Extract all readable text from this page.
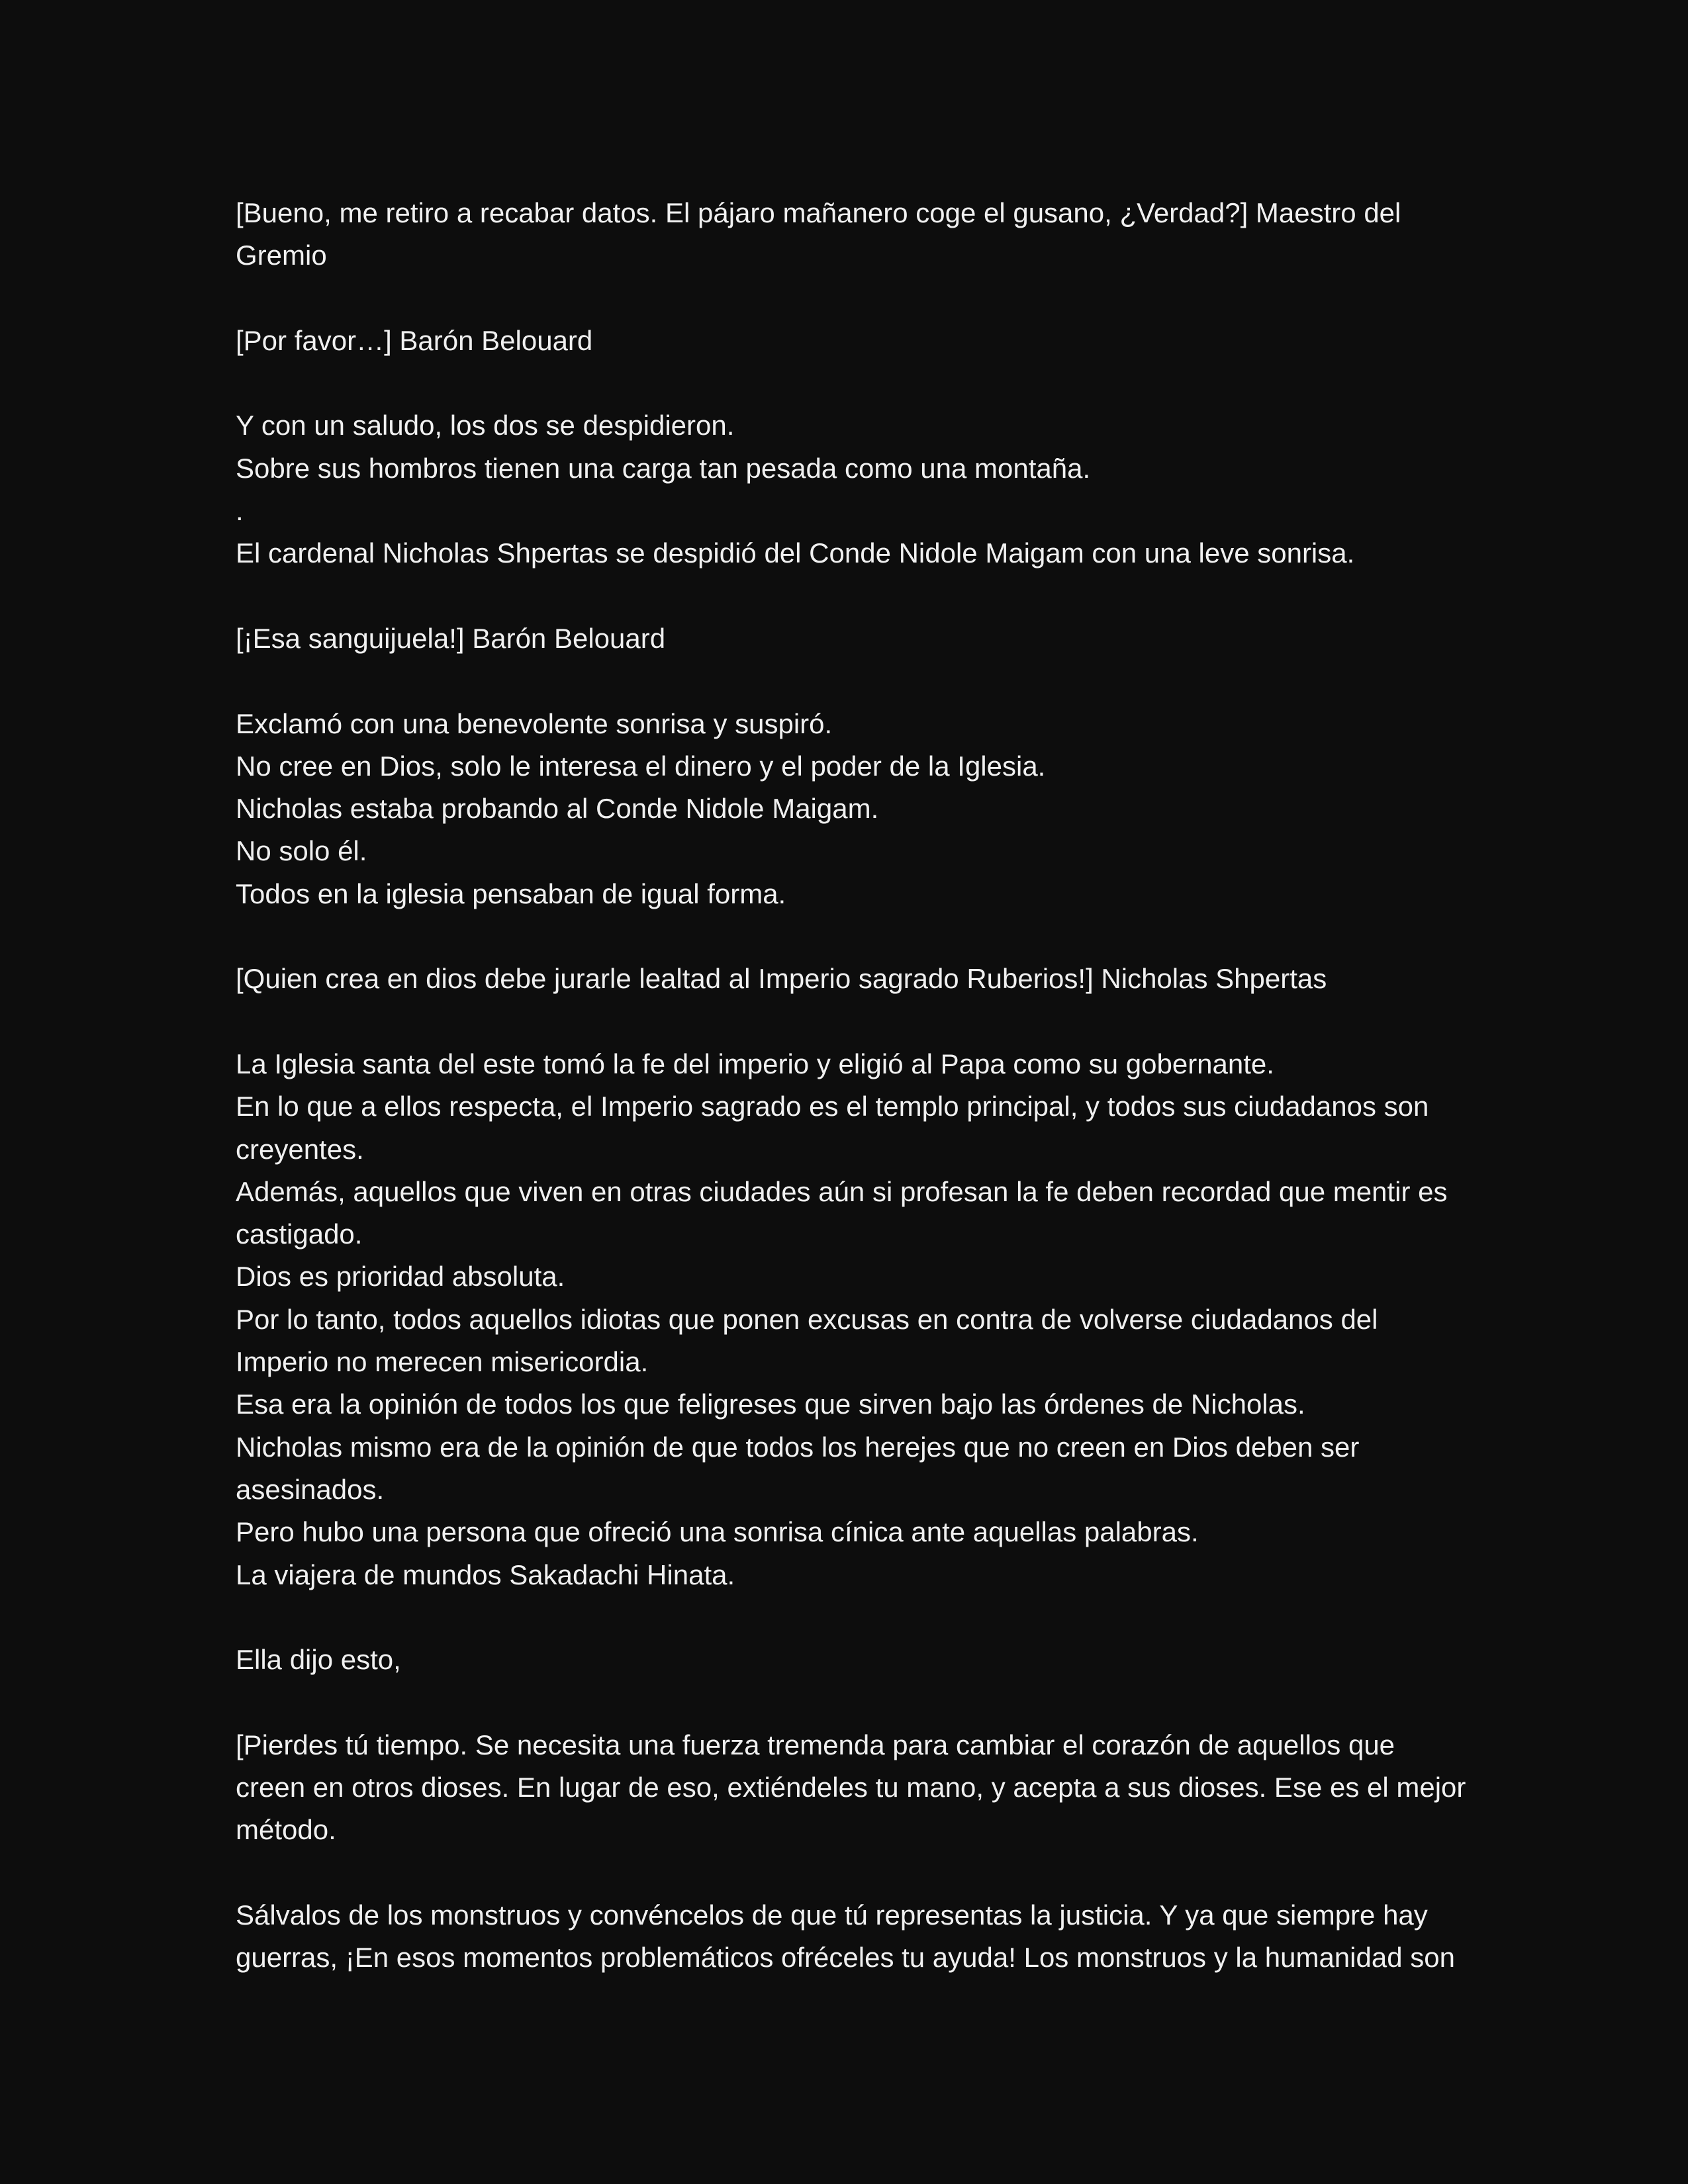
[Bueno, me retiro a recabar datos. El pájaro mañanero coge el gusano, ¿Verdad?] Maestro del
Gremio
[Por favor…] Barón Belouard
Y con un saludo, los dos se despidieron.
Sobre sus hombros tienen una carga tan pesada como una montaña.
.
El cardenal Nicholas Shpertas se despidió del Conde Nidole Maigam con una leve sonrisa.
[¡Esa sanguijuela!] Barón Belouard
Exclamó con una benevolente sonrisa y suspiró.
No cree en Dios, solo le interesa el dinero y el poder de la Iglesia.
Nicholas estaba probando al Conde Nidole Maigam.
No solo él.
Todos en la iglesia pensaban de igual forma.
[Quien crea en dios debe jurarle lealtad al Imperio sagrado Ruberios!] Nicholas Shpertas
La Iglesia santa del este tomó la fe del imperio y eligió al Papa como su gobernante.
En lo que a ellos respecta, el Imperio sagrado es el templo principal, y todos sus ciudadanos son
creyentes.
Además, aquellos que viven en otras ciudades aún si profesan la fe deben recordad que mentir es
castigado.
Dios es prioridad absoluta.
Por lo tanto, todos aquellos idiotas que ponen excusas en contra de volverse ciudadanos del
Imperio no merecen misericordia.
Esa era la opinión de todos los que feligreses que sirven bajo las órdenes de Nicholas.
Nicholas mismo era de la opinión de que todos los herejes que no creen en Dios deben ser
asesinados.
Pero hubo una persona que ofreció una sonrisa cínica ante aquellas palabras.
La viajera de mundos Sakadachi Hinata.
Ella dijo esto,
[Pierdes tú tiempo. Se necesita una fuerza tremenda para cambiar el corazón de aquellos que
creen en otros dioses. En lugar de eso, extiéndeles tu mano, y acepta a sus dioses. Ese es el mejor
método.
Sálvalos de los monstruos y convéncelos de que tú representas la justicia. Y ya que siempre hay
guerras, ¡En esos momentos problemáticos ofréceles tu ayuda! Los monstruos y la humanidad son
